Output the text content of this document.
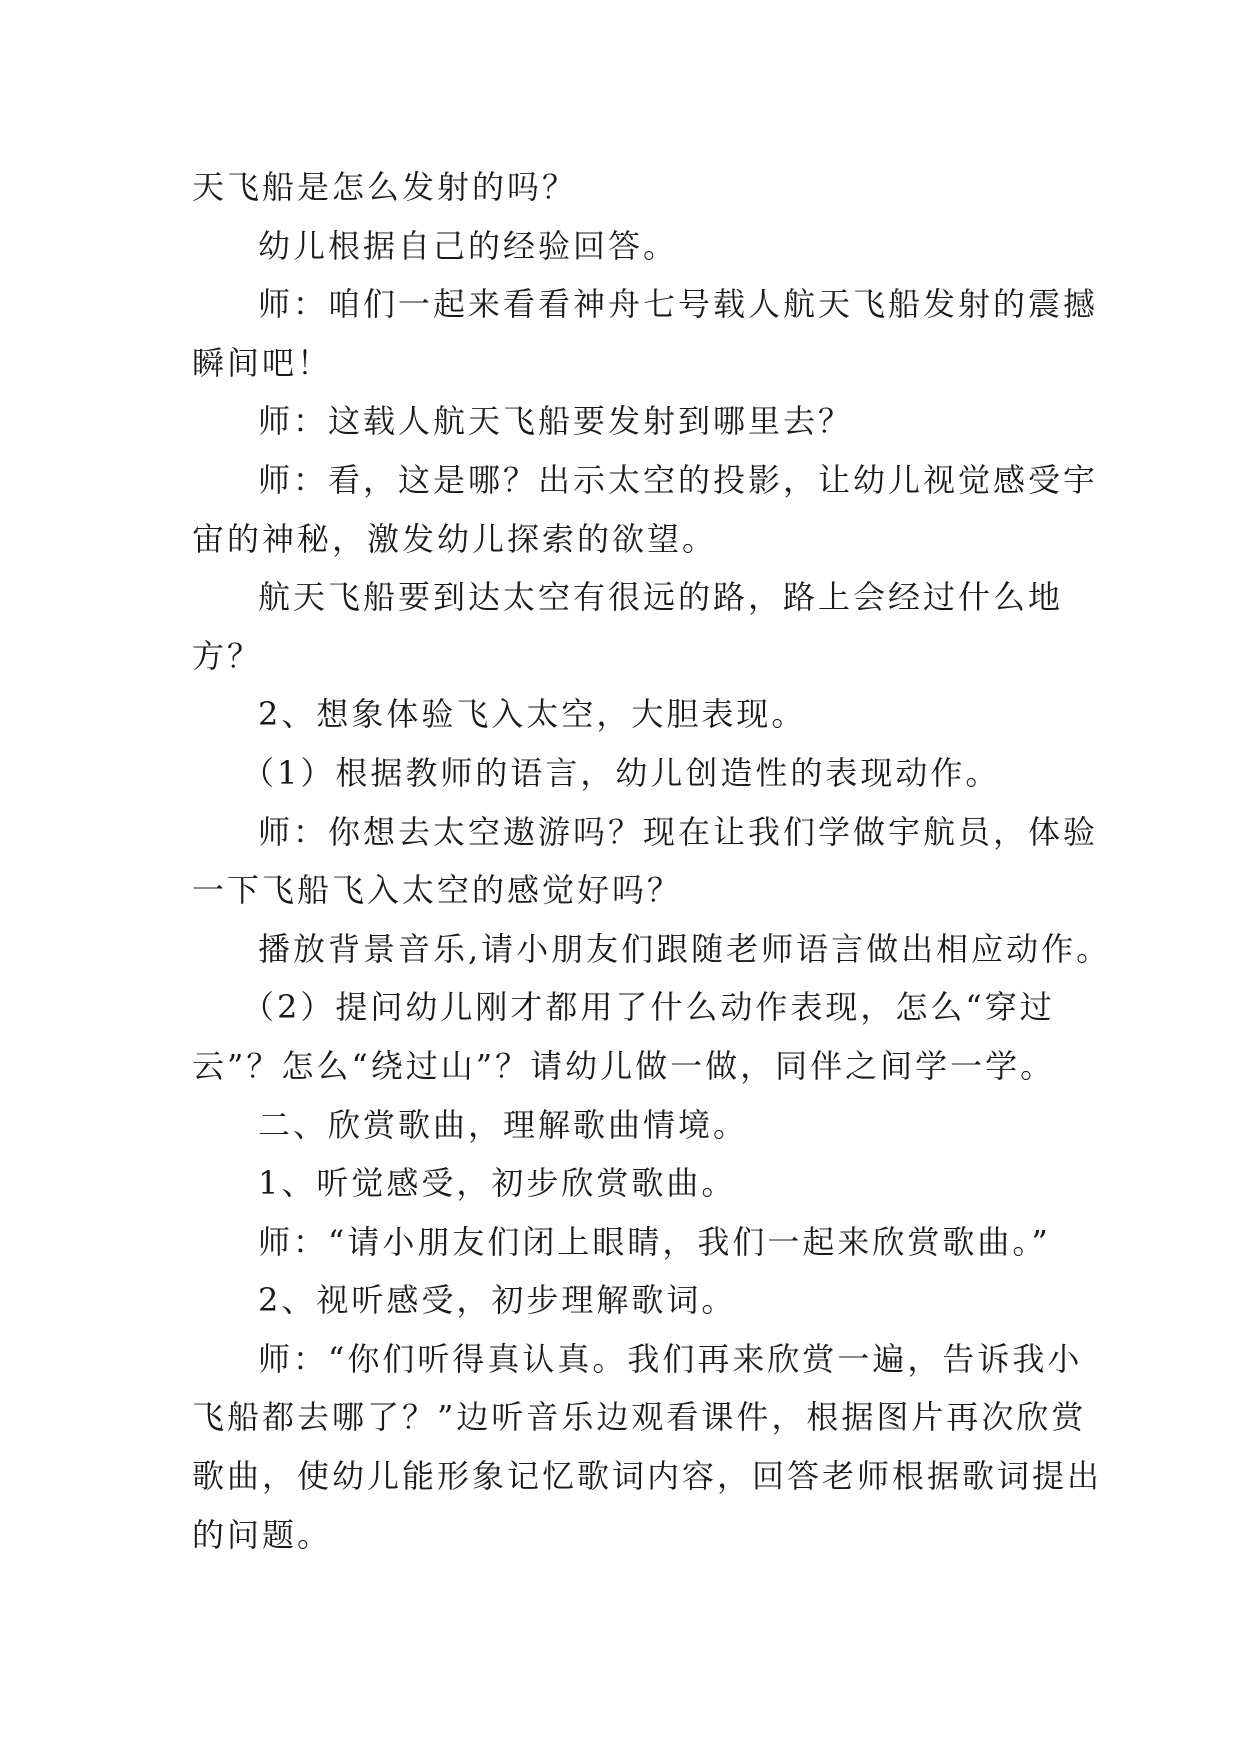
天飞船是怎么发射的吗？
幼儿根据自己的经验回答。
师：咱们一起来看看神舟七号载人航天飞船发射的震撼
瞬间吧！
师：这载人航天飞船要发射到哪里去？
师：看，这是哪？出示太空的投影，让幼儿视觉感受宇
宙的神秘，激发幼儿探索的欲望。
航天飞船要到达太空有很远的路，路上会经过什么地
方？
2、想象体验飞入太空，大胆表现。
（1）根据教师的语言，幼儿创造性的表现动作。
师：你想去太空遨游吗？现在让我们学做宇航员，体验
一下飞船飞入太空的感觉好吗？
播放背景音乐,请小朋友们跟随老师语言做出相应动作。
（2）提问幼儿刚才都用了什么动作表现，怎么“穿过
云”？怎么“绕过山”？请幼儿做一做，同伴之间学一学。
二、欣赏歌曲，理解歌曲情境。
1、听觉感受，初步欣赏歌曲。
师：“请小朋友们闭上眼睛，我们一起来欣赏歌曲。”
2、视听感受，初步理解歌词。
师：“你们听得真认真。我们再来欣赏一遍，告诉我小
飞船都去哪了？”边听音乐边观看课件，根据图片再次欣赏
歌曲，使幼儿能形象记忆歌词内容，回答老师根据歌词提出
的问题。
